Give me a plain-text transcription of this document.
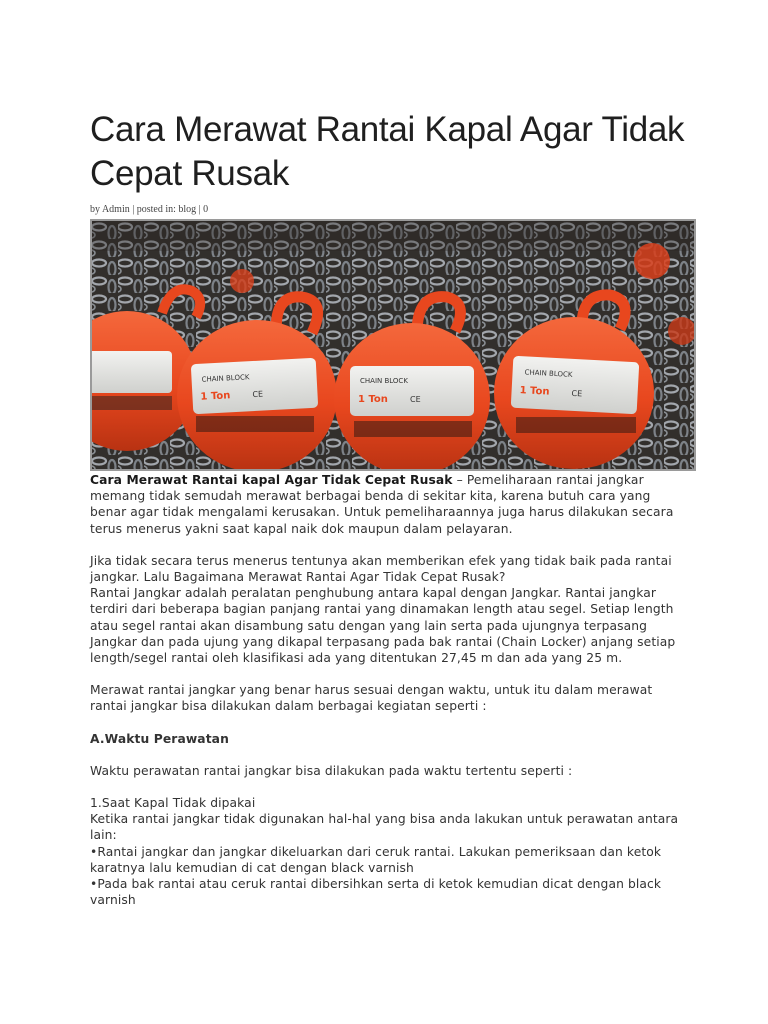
Cara Merawat Rantai Kapal Agar Tidak Cepat Rusak
by Admin | posted in: blog | 0
CHAIN BLOCK
1 Ton	CE
CHAIN BLOCK
1 Ton	CE
CHAIN BLOCK
1 Ton	CE

Cara Merawat Rantai kapal Agar Tidak Cepat Rusak – Pemeliharaan rantai jangkar memang tidak semudah merawat berbagai benda di sekitar kita, karena butuh cara yang benar agar tidak mengalami kerusakan. Untuk pemeliharaannya juga harus dilakukan secara terus menerus yakni saat kapal naik dok maupun dalam pelayaran.

Jika tidak secara terus menerus tentunya akan memberikan efek yang tidak baik pada rantai jangkar. Lalu Bagaimana Merawat Rantai Agar Tidak Cepat Rusak?

Rantai Jangkar adalah peralatan penghubung antara kapal dengan Jangkar. Rantai jangkar terdiri dari beberapa bagian panjang rantai yang dinamakan length atau segel. Setiap length atau segel rantai akan disambung satu dengan yang lain serta pada ujungnya terpasang Jangkar dan pada ujung yang dikapal terpasang pada bak rantai (Chain Locker) anjang setiap length/segel rantai oleh klasifikasi ada yang ditentukan 27,45 m dan ada yang 25 m.

Merawat rantai jangkar yang benar harus sesuai dengan waktu, untuk itu dalam merawat rantai jangkar bisa dilakukan dalam berbagai kegiatan seperti :

A.Waktu Perawatan

Waktu perawatan rantai jangkar bisa dilakukan pada waktu tertentu seperti :

1.Saat Kapal Tidak dipakai

Ketika rantai jangkar tidak digunakan hal-hal yang bisa anda lakukan untuk perawatan antara lain:

•Rantai jangkar dan jangkar dikeluarkan dari ceruk rantai. Lakukan pemeriksaan dan ketok karatnya lalu kemudian di cat dengan black varnish

•Pada bak rantai atau ceruk rantai dibersihkan serta di ketok kemudian dicat dengan black varnish
